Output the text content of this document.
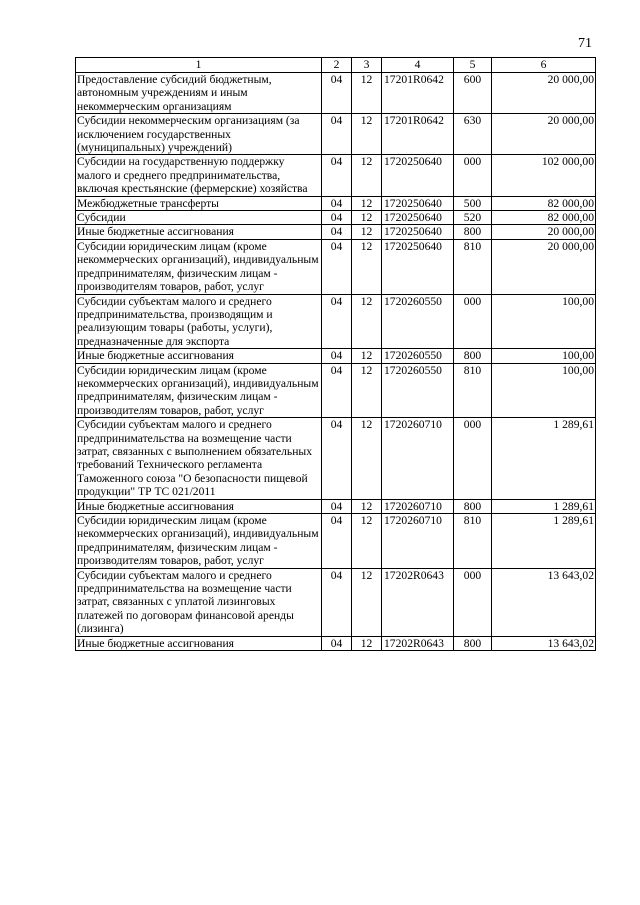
71
1	2	3	4	5	6
Предоставление субсидий бюджетным, автономным учреждениям и иным некоммерческим организациям	04	12	17201R0642	600	20 000,00
Субсидии некоммерческим организациям (за исключением государственных (муниципальных) учреждений)	04	12	17201R0642	630	20 000,00
Субсидии на государственную поддержку малого и среднего предпринимательства, включая крестьянские (фермерские) хозяйства	04	12	1720250640	000	102 000,00
Межбюджетные трансферты	04	12	1720250640	500	82 000,00
Субсидии	04	12	1720250640	520	82 000,00
Иные бюджетные ассигнования	04	12	1720250640	800	20 000,00
Субсидии юридическим лицам (кроме некоммерческих организаций), индивидуальным предпринимателям, физическим лицам - производителям товаров, работ, услуг	04	12	1720250640	810	20 000,00
Субсидии субъектам малого и среднего предпринимательства, производящим и реализующим товары (работы, услуги), предназначенные для экспорта	04	12	1720260550	000	100,00
Иные бюджетные ассигнования	04	12	1720260550	800	100,00
Субсидии юридическим лицам (кроме некоммерческих организаций), индивидуальным предпринимателям, физическим лицам - производителям товаров, работ, услуг	04	12	1720260550	810	100,00
Субсидии субъектам малого и среднего предпринимательства на возмещение части затрат, связанных с выполнением обязательных требований Технического регламента Таможенного союза "О безопасности пищевой продукции" ТР ТС 021/2011	04	12	1720260710	000	1 289,61
Иные бюджетные ассигнования	04	12	1720260710	800	1 289,61
Субсидии юридическим лицам (кроме некоммерческих организаций), индивидуальным предпринимателям, физическим лицам - производителям товаров, работ, услуг	04	12	1720260710	810	1 289,61
Субсидии субъектам малого и среднего предпринимательства на возмещение части затрат, связанных с уплатой лизинговых платежей по договорам финансовой аренды (лизинга)	04	12	17202R0643	000	13 643,02
Иные бюджетные ассигнования	04	12	17202R0643	800	13 643,02
